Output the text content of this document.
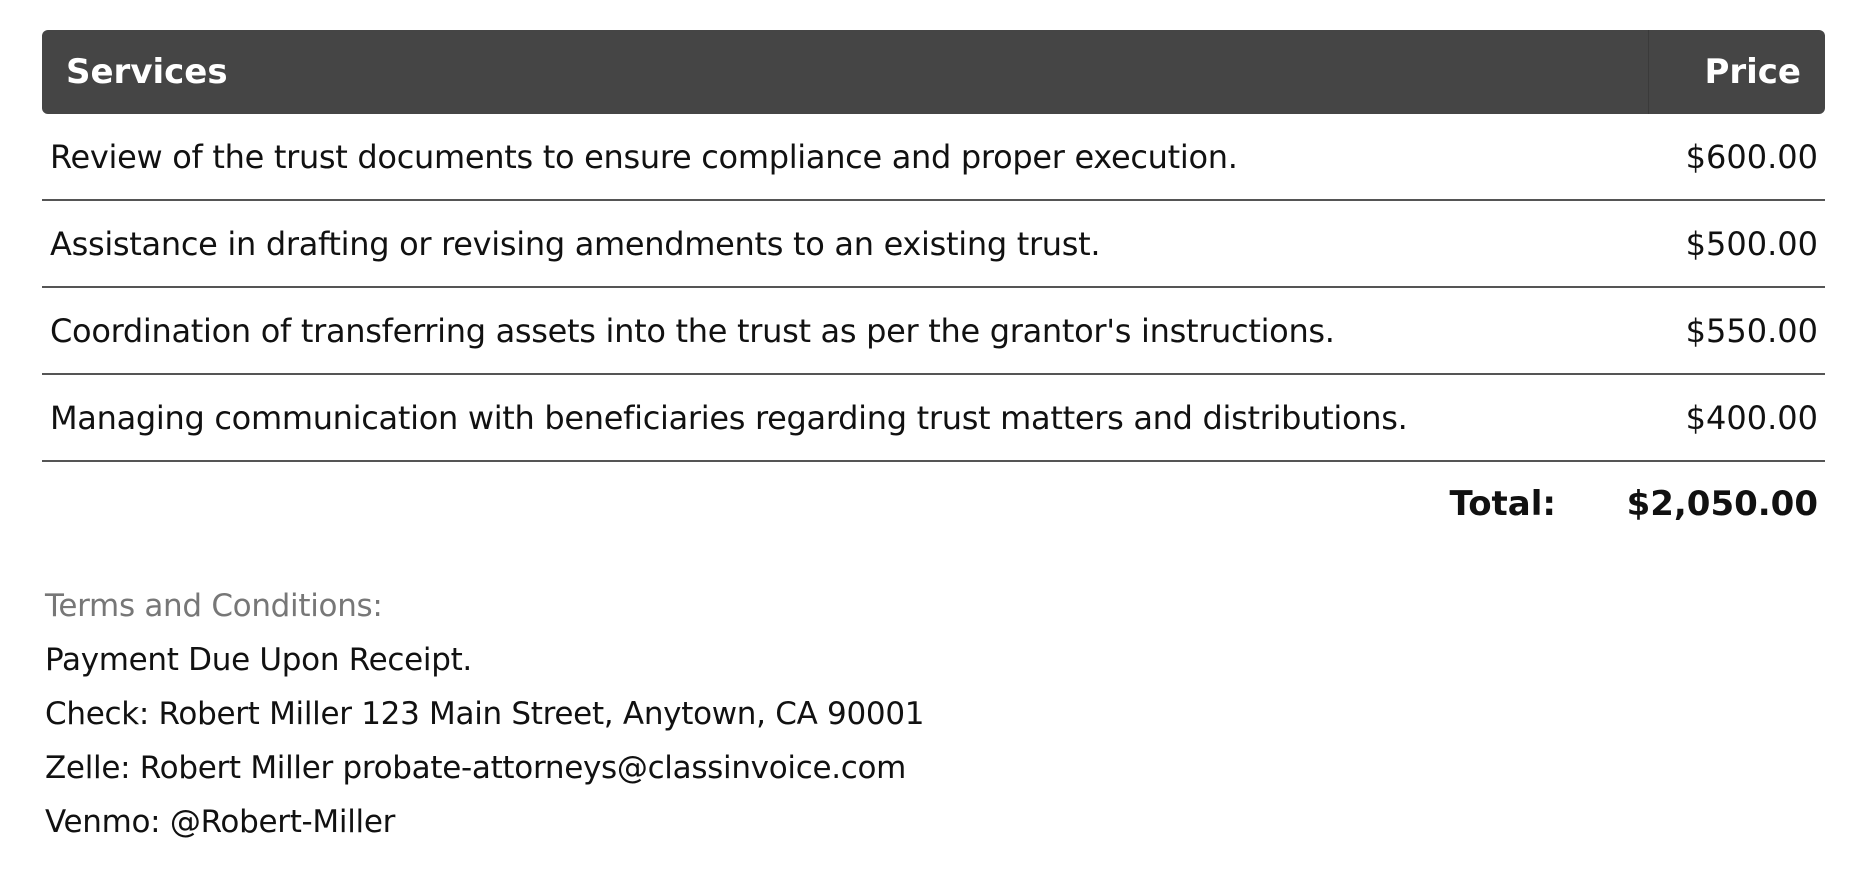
Services	Price
Review of the trust documents to ensure compliance and proper execution.	$600.00
Assistance in drafting or revising amendments to an existing trust.	$500.00
Coordination of transferring assets into the trust as per the grantor's instructions.	$550.00
Managing communication with beneficiaries regarding trust matters and distributions.	$400.00
Total: $2,050.00
Terms and Conditions:
Payment Due Upon Receipt.
Check: Robert Miller 123 Main Street, Anytown, CA 90001
Zelle: Robert Miller probate-attorneys@classinvoice.com
Venmo: @Robert-Miller
